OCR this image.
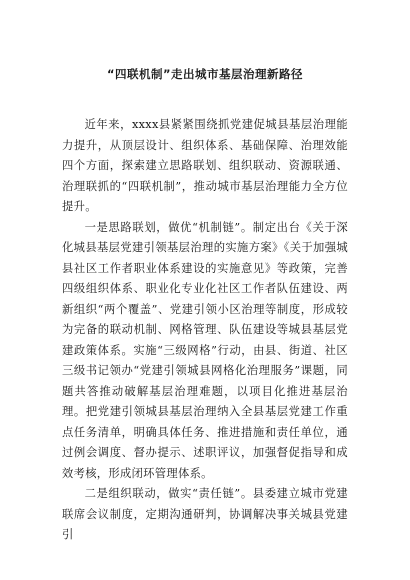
“四联机制”走出城市基层治理新路径

近年来，xxxx县紧紧围绕抓党建促城县基层治理能力提升，从顶层设计、组织体系、基础保障、治理效能四个方面，探索建立思路联划、组织联动、资源联通、治理联抓的“四联机制”，推动城市基层治理能力全方位提升。

一是思路联划，做优“机制链”。制定出台《关于深化城县基层党建引领基层治理的实施方案》《关于加强城县社区工作者职业体系建设的实施意见》等政策，完善四级组织体系、职业化专业化社区工作者队伍建设、两新组织“两个覆盖”、党建引领小区治理等制度，形成较为完备的联动机制、网格管理、队伍建设等城县基层党建政策体系。实施“三级网格”行动，由县、街道、社区三级书记领办“党建引领城县网格化治理服务”课题，同题共答推动破解基层治理难题，以项目化推进基层治理。把党建引领城县基层治理纳入全县基层党建工作重点任务清单，明确具体任务、推进措施和责任单位，通过例会调度、督办提示、述职评议，加强督促指导和成效考核，形成闭环管理体系。

二是组织联动，做实“责任链”。县委建立城市党建联席会议制度，定期沟通研判，协调解决事关城县党建引
